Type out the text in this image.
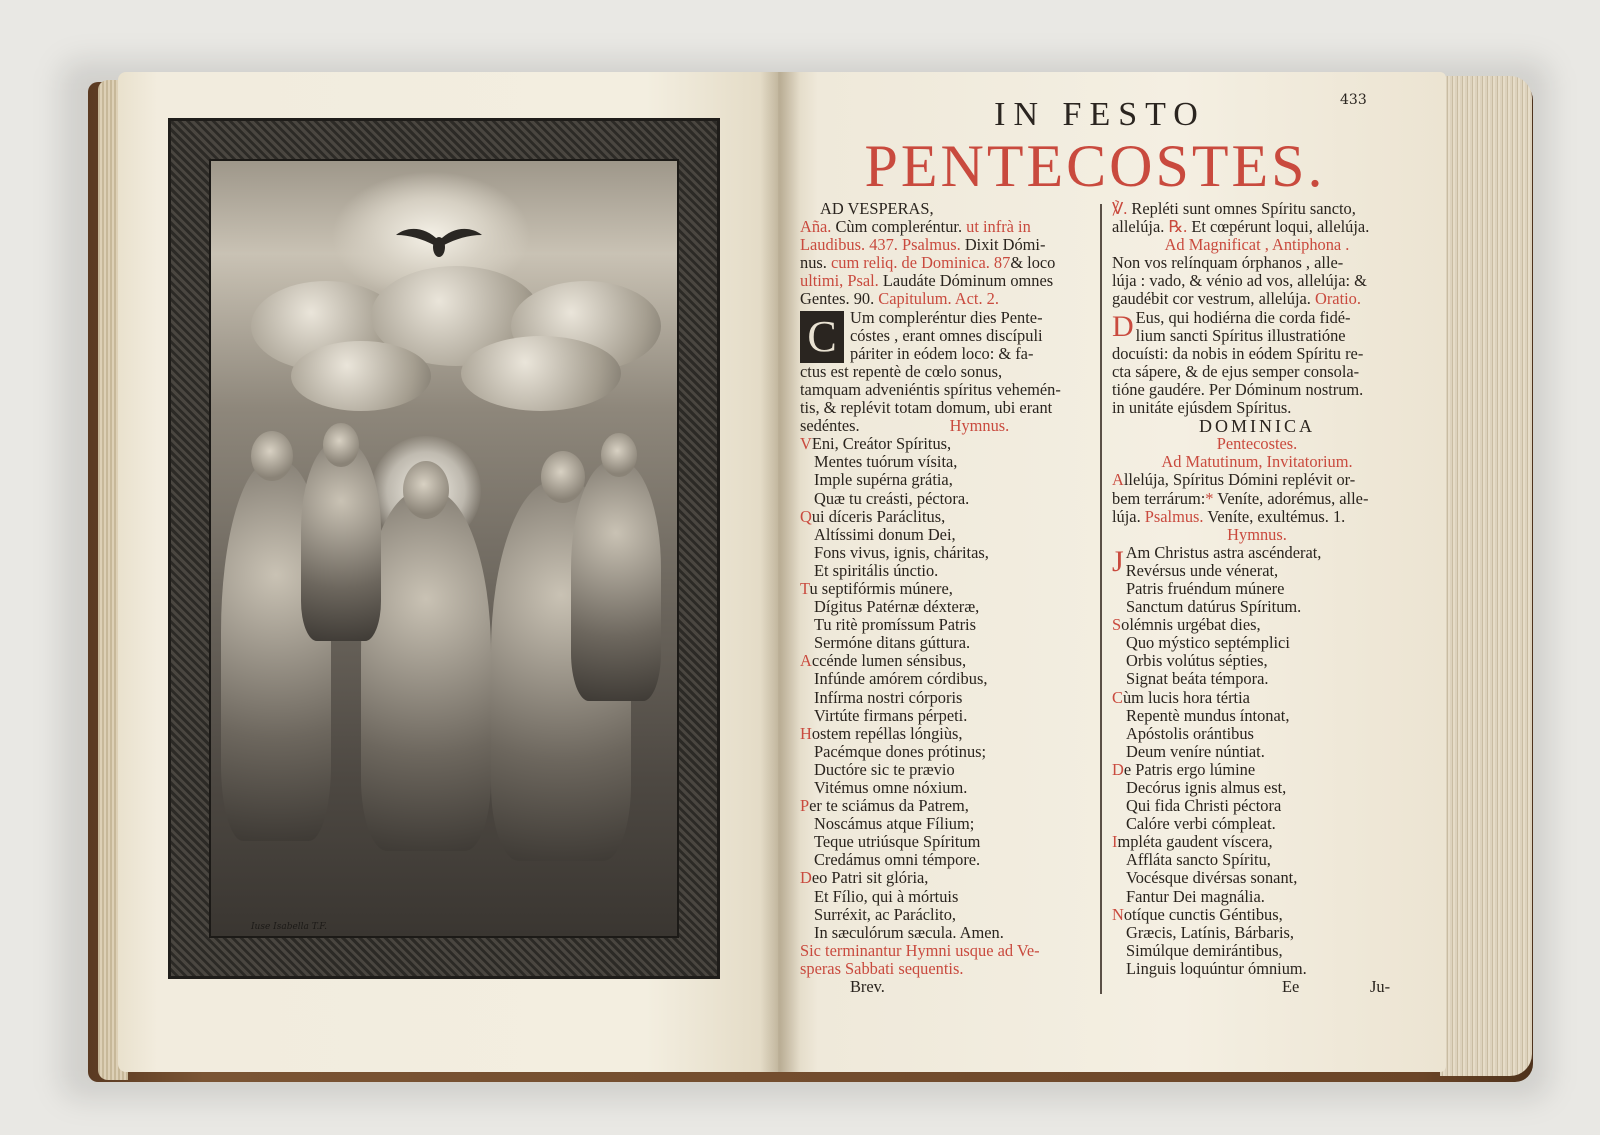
Iuse Isabella T.F.
433
IN FESTO
PENTECOSTES.
AD VESPERAS,
Aña. Cùm compleréntur. ut infrà in
Laudibus. 437. Psalmus. Dixit Dómi-
nus. cum reliq. de Dominica. 87& loco
ultimi, Psal. Laudáte Dóminum omnes
Gentes. 90. Capitulum. Act. 2.
C Um compleréntur dies Pente-
cóstes , erant omnes discípuli
páriter in eódem loco: & fa-
ctus est repentè de cœlo sonus,
tamquam adveniéntis spíritus vehemén-
tis, & replévit totam domum, ubi erant
sedéntes.	Hymnus.
VEni, Creátor Spíritus,
Mentes tuórum vísita,
Imple supérna grátia,
Quæ tu creásti, péctora.
Qui díceris Paráclitus,
Altíssimi donum Dei,
Fons vivus, ignis, cháritas,
Et spiritális únctio.
Tu septifórmis múnere,
Dígitus Patérnæ déxteræ,
Tu ritè promíssum Patris
Sermóne ditans gúttura.
Accénde lumen sénsibus,
Infúnde amórem córdibus,
Infírma nostri córporis
Virtúte firmans pérpeti.
Hostem repéllas lóngiùs,
Pacémque dones prótinus;
Ductóre sic te prævio
Vitémus omne nóxium.
Per te sciámus da Patrem,
Noscámus atque Fílium;
Teque utriúsque Spíritum
Credámus omni témpore.
Deo Patri sit glória,
Et Fílio, qui à mórtuis
Surréxit, ac Paráclito,
In sæculórum sæcula. Amen.
Sic terminantur Hymni usque ad Ve-
speras Sabbati sequentis.
Brev.
℣. Repléti sunt omnes Spíritu sancto,
allelúja. ℞. Et cœpérunt loqui, allelúja.
Ad Magnificat , Antiphona .
Non vos relínquam órphanos , alle-
lúja : vado, & vénio ad vos, allelúja: &
gaudébit cor vestrum, allelúja. Oratio.
D Eus, qui hodiérna die corda fidé-
lium sancti Spíritus illustratióne
docuísti: da nobis in eódem Spíritu re-
cta sápere, & de ejus semper consola-
tióne gaudére. Per Dóminum nostrum.
in unitáte ejúsdem Spíritus.
DOMINICA
Pentecostes.
Ad Matutinum, Invitatorium.
Allelúja, Spíritus Dómini replévit or-
bem terrárum:* Veníte, adorémus, alle-
lúja. Psalmus. Veníte, exultémus. 1.
Hymnus.
J Am Christus astra ascénderat,
Revérsus unde vénerat,
Patris fruéndum múnere
Sanctum datúrus Spíritum.
Solémnis urgébat dies,
Quo mýstico septémplici
Orbis volútus sépties,
Signat beáta témpora.
Cùm lucis hora tértia
Repentè mundus íntonat,
Apóstolis orántibus
Deum veníre núntiat.
De Patris ergo lúmine
Decórus ignis almus est,
Qui fida Christi péctora
Calóre verbi cómpleat.
Impléta gaudent víscera,
Affláta sancto Spíritu,
Vocésque divérsas sonant,
Fantur Dei magnália.
Notíque cunctis Géntibus,
Græcis, Latínis, Bárbaris,
Simúlque demirántibus,
Linguis loquúntur ómnium.
Ee	Ju-
